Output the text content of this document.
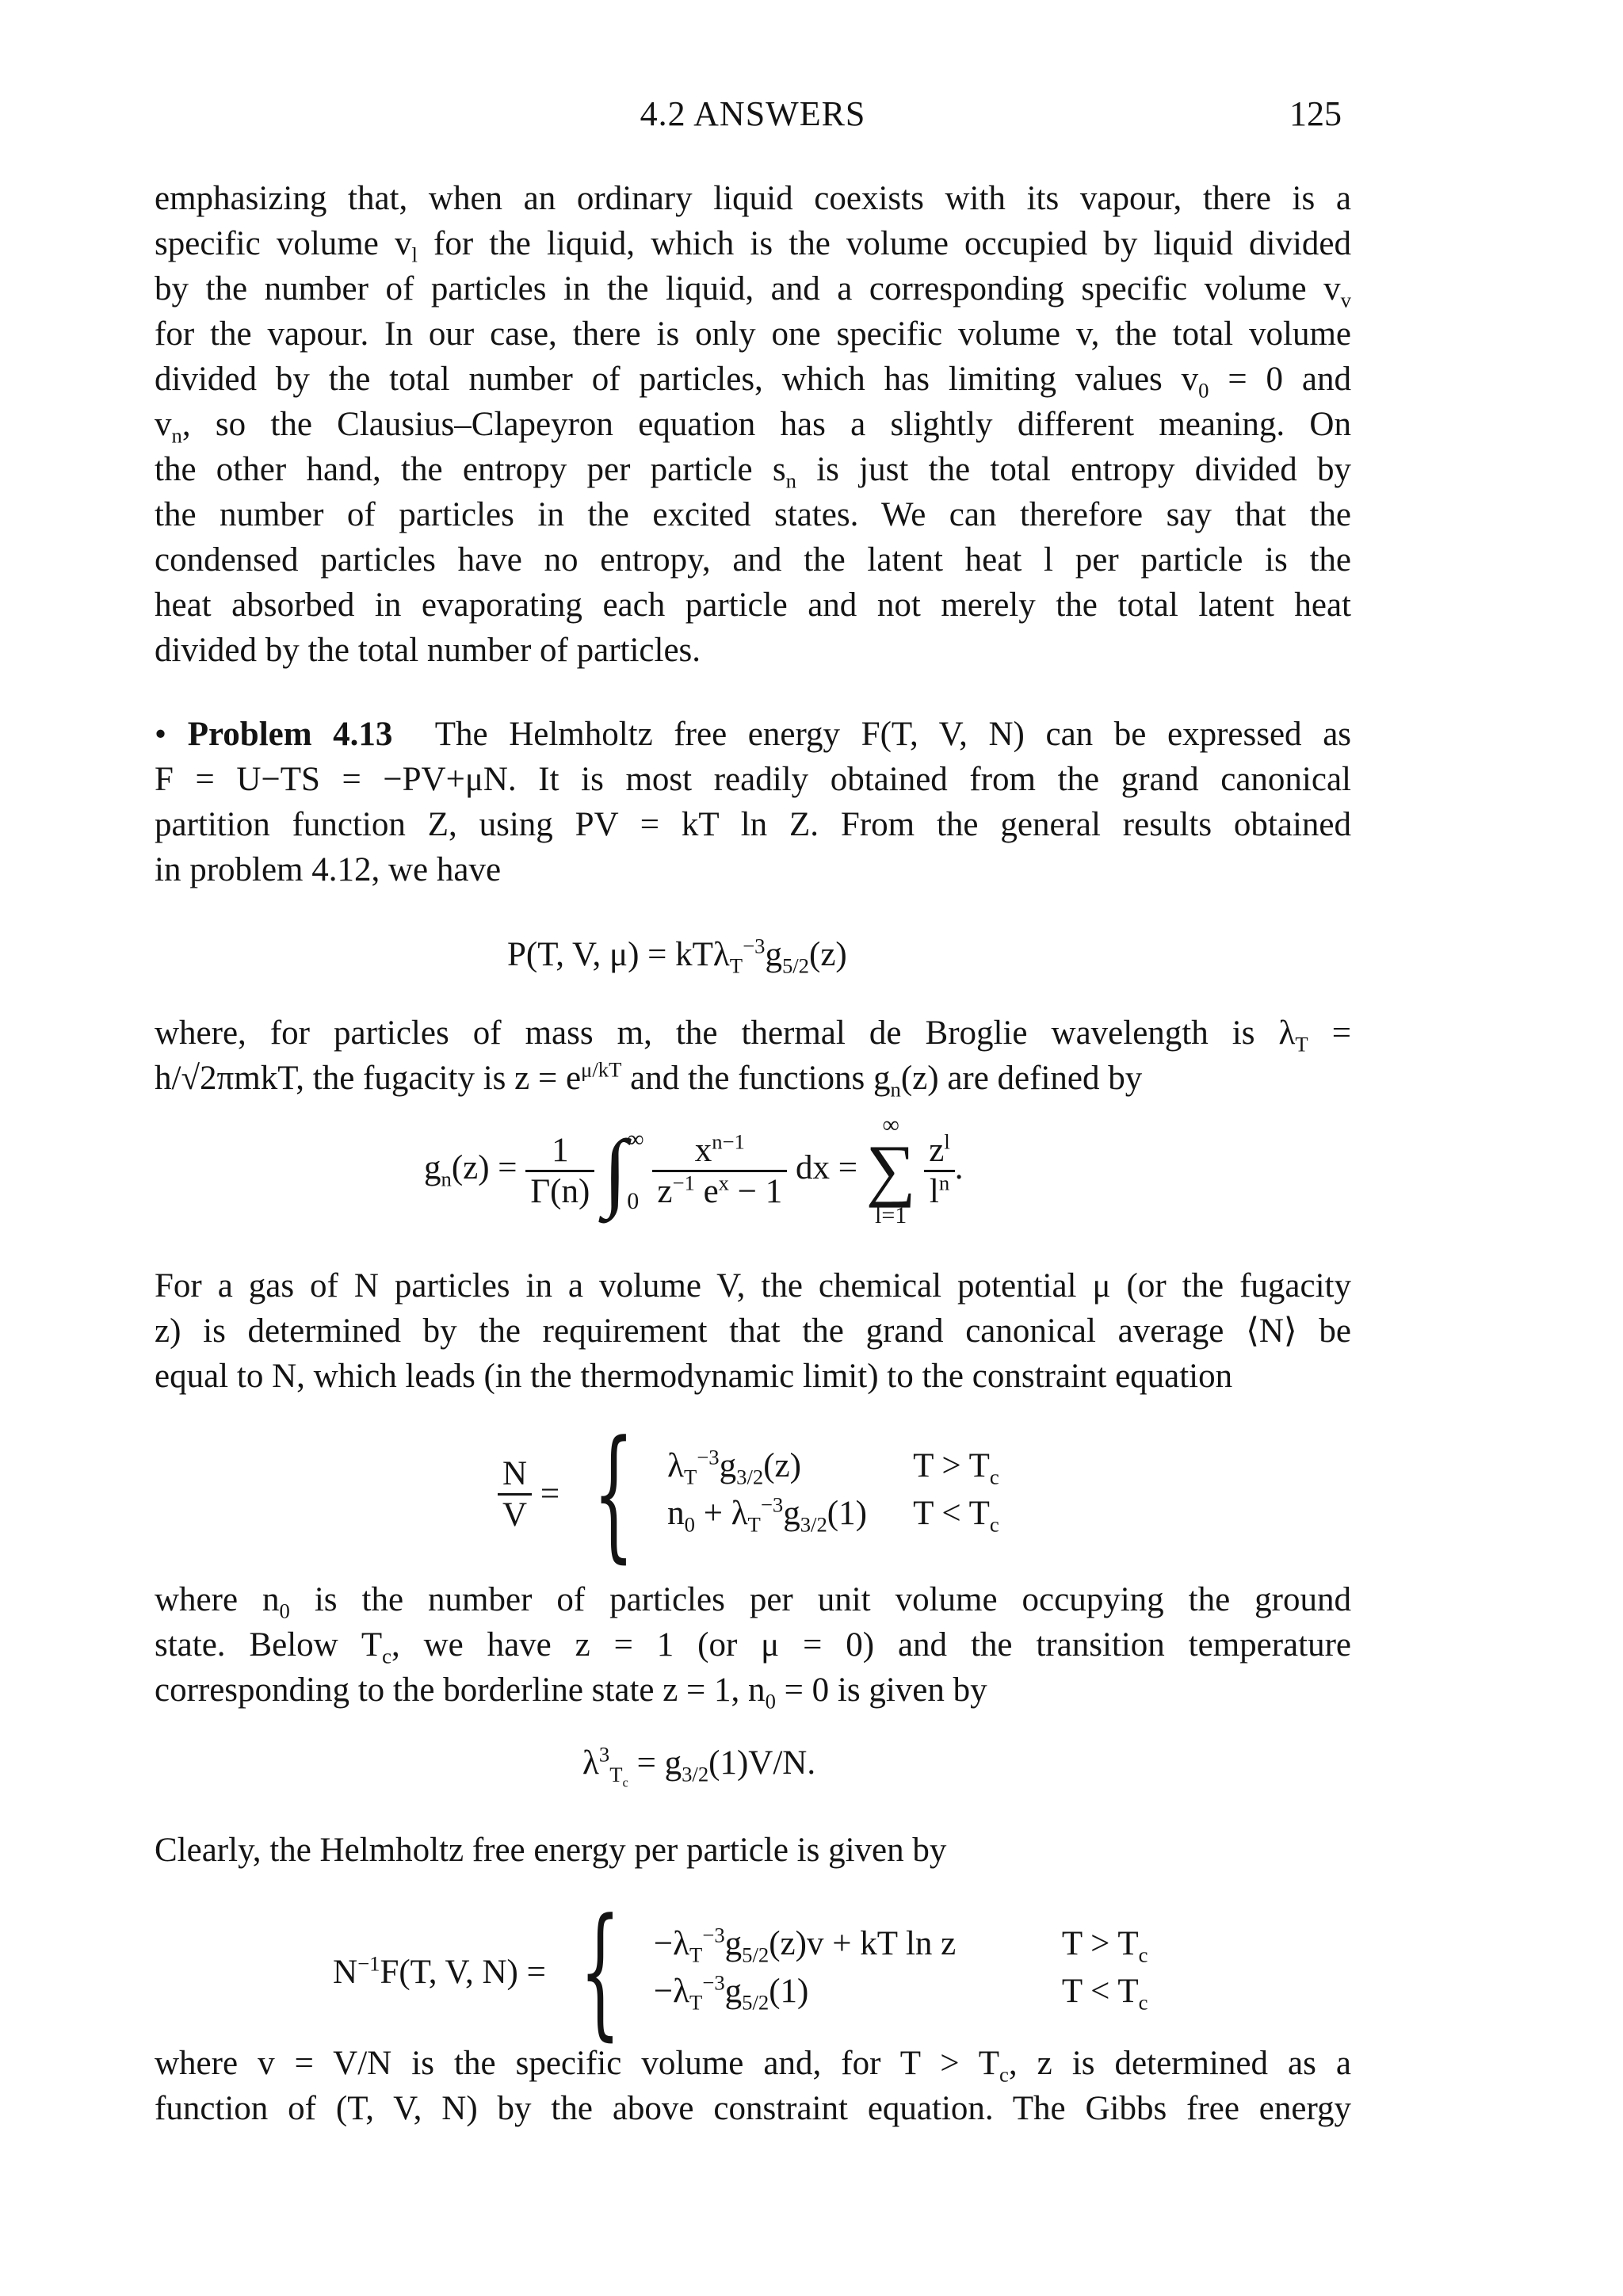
4.2 ANSWERS	125
emphasizing that, when an ordinary liquid coexists with its vapour, there is a
specific volume $v_l$ for the liquid, which is the volume occupied by liquid divided
by the number of particles in the liquid, and a corresponding specific volume $v_v$
for the vapour. In our case, there is only one specific volume v, the total volume
divided by the total number of particles, which has limiting values $v_0 = 0$ and
$v_n$, so the Clausius–Clapeyron equation has a slightly different meaning. On
the other hand, the entropy per particle $s_n$ is just the total entropy divided by
the number of particles in the excited states. We can therefore say that the
condensed particles have no entropy, and the latent heat l per particle is the
heat absorbed in evaporating each particle and not merely the total latent heat
divided by the total number of particles.
• Problem 4.13 The Helmholtz free energy F(T, V, N) can be expressed as
F = U−TS = −PV+μN. It is most readily obtained from the grand canonical
partition function Z, using PV = kT ln Z. From the general results obtained
in problem 4.12, we have
P(T, V, $\mu) = kT\lambda_T^{-3}g_{5/2}(z)$
where, for particles of mass m, the thermal de Broglie wavelength is $\lambda_T$ =
h/√2πmkT, the fugacity is $z = e^{\mu/kT}$ and the functions $g_n(z)$ are defined by
$g_n(z) = \frac{1}{\Gamma(n)}$ ∫ ∞
0
$\frac{x^{n-1}}{z^{-1} e^x - 1}$ dx =
∞
∑
l=1

$\frac{z^l}{l^n}$ .
For a gas of N particles in a volume V, the chemical potential μ (or the fugacity
z) is determined by the requirement that the grand canonical average ⟨N⟩ be
equal to N, which leads (in the thermodynamic limit) to the constraint equation
$\frac{N}{V}$ = { $\lambda_T^{-3}g_{3/2}(z)$	$T > T_c$
$n_0 + \lambda_T^{-3}g_{3/2}(1) T < T_c$
where $n_0$ is the number of particles per unit volume occupying the ground
state. Below $T_c$, we have z = 1 (or μ = 0) and the transition temperature
corresponding to the borderline state z = 1, $n_0 = 0$ is given by
$\lambda^3_{T_c} = g_{3/2}(1)V/N$.
Clearly, the Helmholtz free energy per particle is given by
$N^{-1}F(T$, V, N) = { $-\lambda_T^{-3}g_{5/2}(z)v$ + kT ln z	$T > T_c$
$-\lambda_T^{-3}g_{5/2}(1)$	$T < T_c$
where v = V/N is the specific volume and, for $T > T_c$, z is determined as a
function of (T, V, N) by the above constraint equation. The Gibbs free energy
